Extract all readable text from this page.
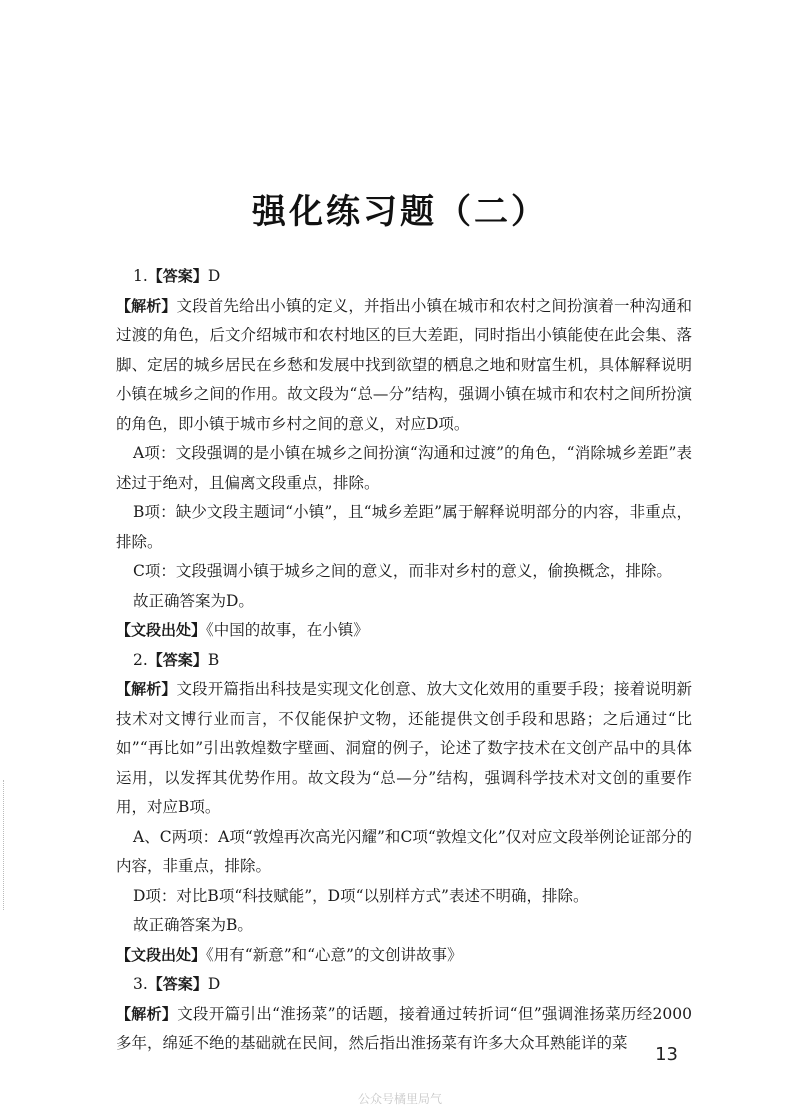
强化练习题（二）

1.【答案】D

【解析】文段首先给出小镇的定义，并指出小镇在城市和农村之间扮演着一种沟通和过渡的角色，后文介绍城市和农村地区的巨大差距，同时指出小镇能使在此会集、落脚、定居的城乡居民在乡愁和发展中找到欲望的栖息之地和财富生机，具体解释说明小镇在城乡之间的作用。故文段为“总—分”结构，强调小镇在城市和农村之间所扮演的角色，即小镇于城市乡村之间的意义，对应D项。

A项：文段强调的是小镇在城乡之间扮演“沟通和过渡”的角色，“消除城乡差距”表述过于绝对，且偏离文段重点，排除。

B项：缺少文段主题词“小镇”，且“城乡差距”属于解释说明部分的内容，非重点，排除。

C项：文段强调小镇于城乡之间的意义，而非对乡村的意义，偷换概念，排除。

故正确答案为D。

【文段出处】《中国的故事，在小镇》

2.【答案】B

【解析】文段开篇指出科技是实现文化创意、放大文化效用的重要手段；接着说明新技术对文博行业而言，不仅能保护文物，还能提供文创手段和思路；之后通过“比如”“再比如”引出敦煌数字壁画、洞窟的例子，论述了数字技术在文创产品中的具体运用，以发挥其优势作用。故文段为“总—分”结构，强调科学技术对文创的重要作用，对应B项。

A、C两项：A项“敦煌再次高光闪耀”和C项“敦煌文化”仅对应文段举例论证部分的内容，非重点，排除。

D项：对比B项“科技赋能”，D项“以别样方式”表述不明确，排除。

故正确答案为B。

【文段出处】《用有“新意”和“心意”的文创讲故事》

3.【答案】D

【解析】文段开篇引出“淮扬菜”的话题，接着通过转折词“但”强调淮扬菜历经2000多年，绵延不绝的基础就在民间，然后指出淮扬菜有许多大众耳熟能详的菜

13
公众号橘里局气
